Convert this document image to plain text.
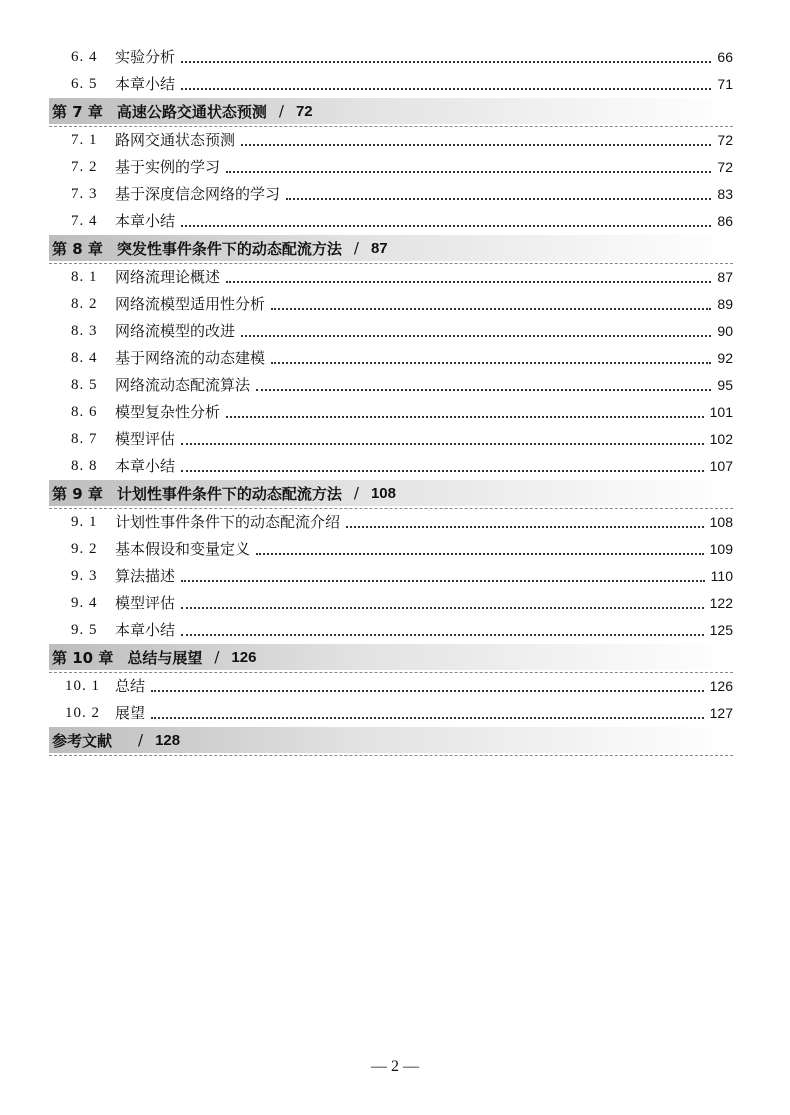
6. 4	实验分析	66
6. 5	本章小结	71
第 7 章 高速公路交通状态预测 / 72
7. 1	路网交通状态预测	72
7. 2	基于实例的学习	72
7. 3	基于深度信念网络的学习	83
7. 4	本章小结	86
第 8 章 突发性事件条件下的动态配流方法 / 87
8. 1	网络流理论概述	87
8. 2	网络流模型适用性分析	89
8. 3	网络流模型的改进	90
8. 4	基于网络流的动态建模	92
8. 5	网络流动态配流算法	95
8. 6	模型复杂性分析	101
8. 7	模型评估	102
8. 8	本章小结	107
第 9 章 计划性事件条件下的动态配流方法 / 108
9. 1	计划性事件条件下的动态配流介绍	108
9. 2	基本假设和变量定义	109
9. 3	算法描述	110
9. 4	模型评估	122
9. 5	本章小结	125
第 10 章 总结与展望 / 126
10. 1	总结	126
10. 2	展望	127
参考文献 / 128
— 2 —
